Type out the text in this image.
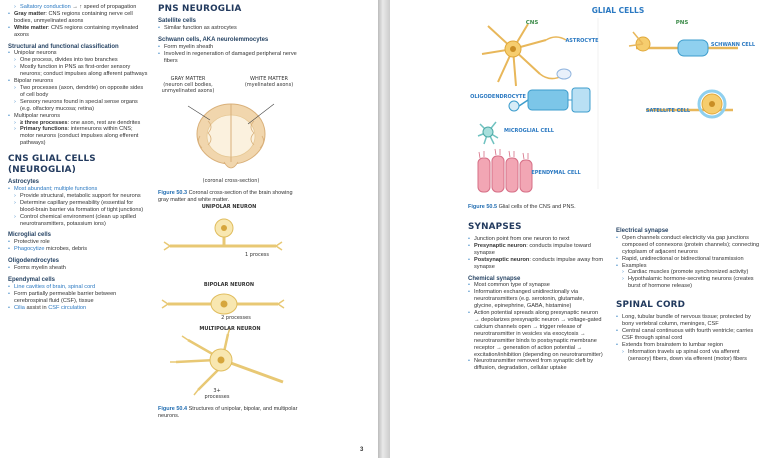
› Saltatory conduction → ↑ speed of propagation
• Gray matter: CNS regions containing nerve cell bodies, unmyelinated axons
• White matter: CNS regions containing myelinated axons
Structural and functional classification
• Unipolar neurons
› One process, divides into two branches
› Mostly function in PNS as first-order sensory neurons; conduct impulses along afferent pathways
• Bipolar neurons
› Two processes (axon, dendrite) on opposite sides of cell body
› Sensory neurons found in special sense organs (e.g. olfactory mucosa; retina)
• Multipolar neurons
› ≥ three processes: one axon, rest are dendrites
› Primary functions: interneurons within CNS; motor neurons (conduct impulses along efferent pathways)
CNS GLIAL CELLS (NEUROGLIA)
Astrocytes
• Most abundant; multiple functions
› Provide structural, metabolic support for neurons
› Determine capillary permeability (essential for blood-brain barrier via formation of tight junctions)
› Control chemical environment (clean up spilled neurotransmitters, potassium ions)
Microglial cells
• Protective role
• Phagocytize microbes, debris
Oligodendrocytes
• Forms myelin sheath
Ependymal cells
• Line cavities of brain, spinal cord
• Form partially permeable barrier between cerebrospinal fluid (CSF), tissue
• Cilia assist in CSF circulation
PNS NEUROGLIA
Satellite cells
• Similar function as astrocytes
Schwann cells, AKA neurolemmocytes
• Form myelin sheath
• Involved in regeneration of damaged peripheral nerve fibers
GRAY MATTER
(neuron cell bodies, unmyelinated axons)
WHITE MATTER
(myelinated axons)
(coronal cross-section)
Figure 50.3 Coronal cross-section of the brain showing gray matter and white matter.
UNIPOLAR NEURON
1 process
BIPOLAR NEURON
2 processes
MULTIPOLAR NEURON
3+ processes
Figure 50.4 Structures of unipolar, bipolar, and multipolar neurons.
3
GLIAL CELLS
CNS	PNS
ASTROCYTE
OLIGODENDROCYTE
MICROGLIAL CELL
EPENDYMAL CELL
SCHWANN CELL
SATELLITE CELL
Figure 50.5 Glial cells of the CNS and PNS.
SYNAPSES
• Junction point from one neuron to next
• Presynaptic neuron: conducts impulse toward synapse
• Postsynaptic neuron: conducts impulse away from synapse
Chemical synapse
• Most common type of synapse
• Information exchanged unidirectionally via neurotransmitters (e.g. serotonin, glutamate, glycine, epinephrine, GABA, histamine)
• Action potential spreads along presynaptic neuron → depolarizes presynaptic neuron → voltage-gated calcium channels open → trigger release of neurotransmitter in vesicles via exocytosis → neurotransmitter binds to postsynaptic membrane receptor → generation of action potential → excitation/inhibition (depending on neurotransmitter)
• Neurotransmitter removed from synaptic cleft by diffusion, degradation, cellular uptake
Electrical synapse
• Open channels conduct electricity via gap junctions composed of connexons (protein channels); connecting cytoplasm of adjacent neurons
• Rapid, unidirectional or bidirectional transmission
• Examples
› Cardiac muscles (promote synchronized activity)
› Hypothalamic hormone-secreting neurons (creates burst of hormone release)
SPINAL CORD
• Long, tubular bundle of nervous tissue; protected by bony vertebral column, meninges, CSF
• Central canal continuous with fourth ventricle; carries CSF through spinal cord
• Extends from brainstem to lumbar region
› Information travels up spinal cord via afferent (sensory) fibers, down via efferent (motor) fibers
